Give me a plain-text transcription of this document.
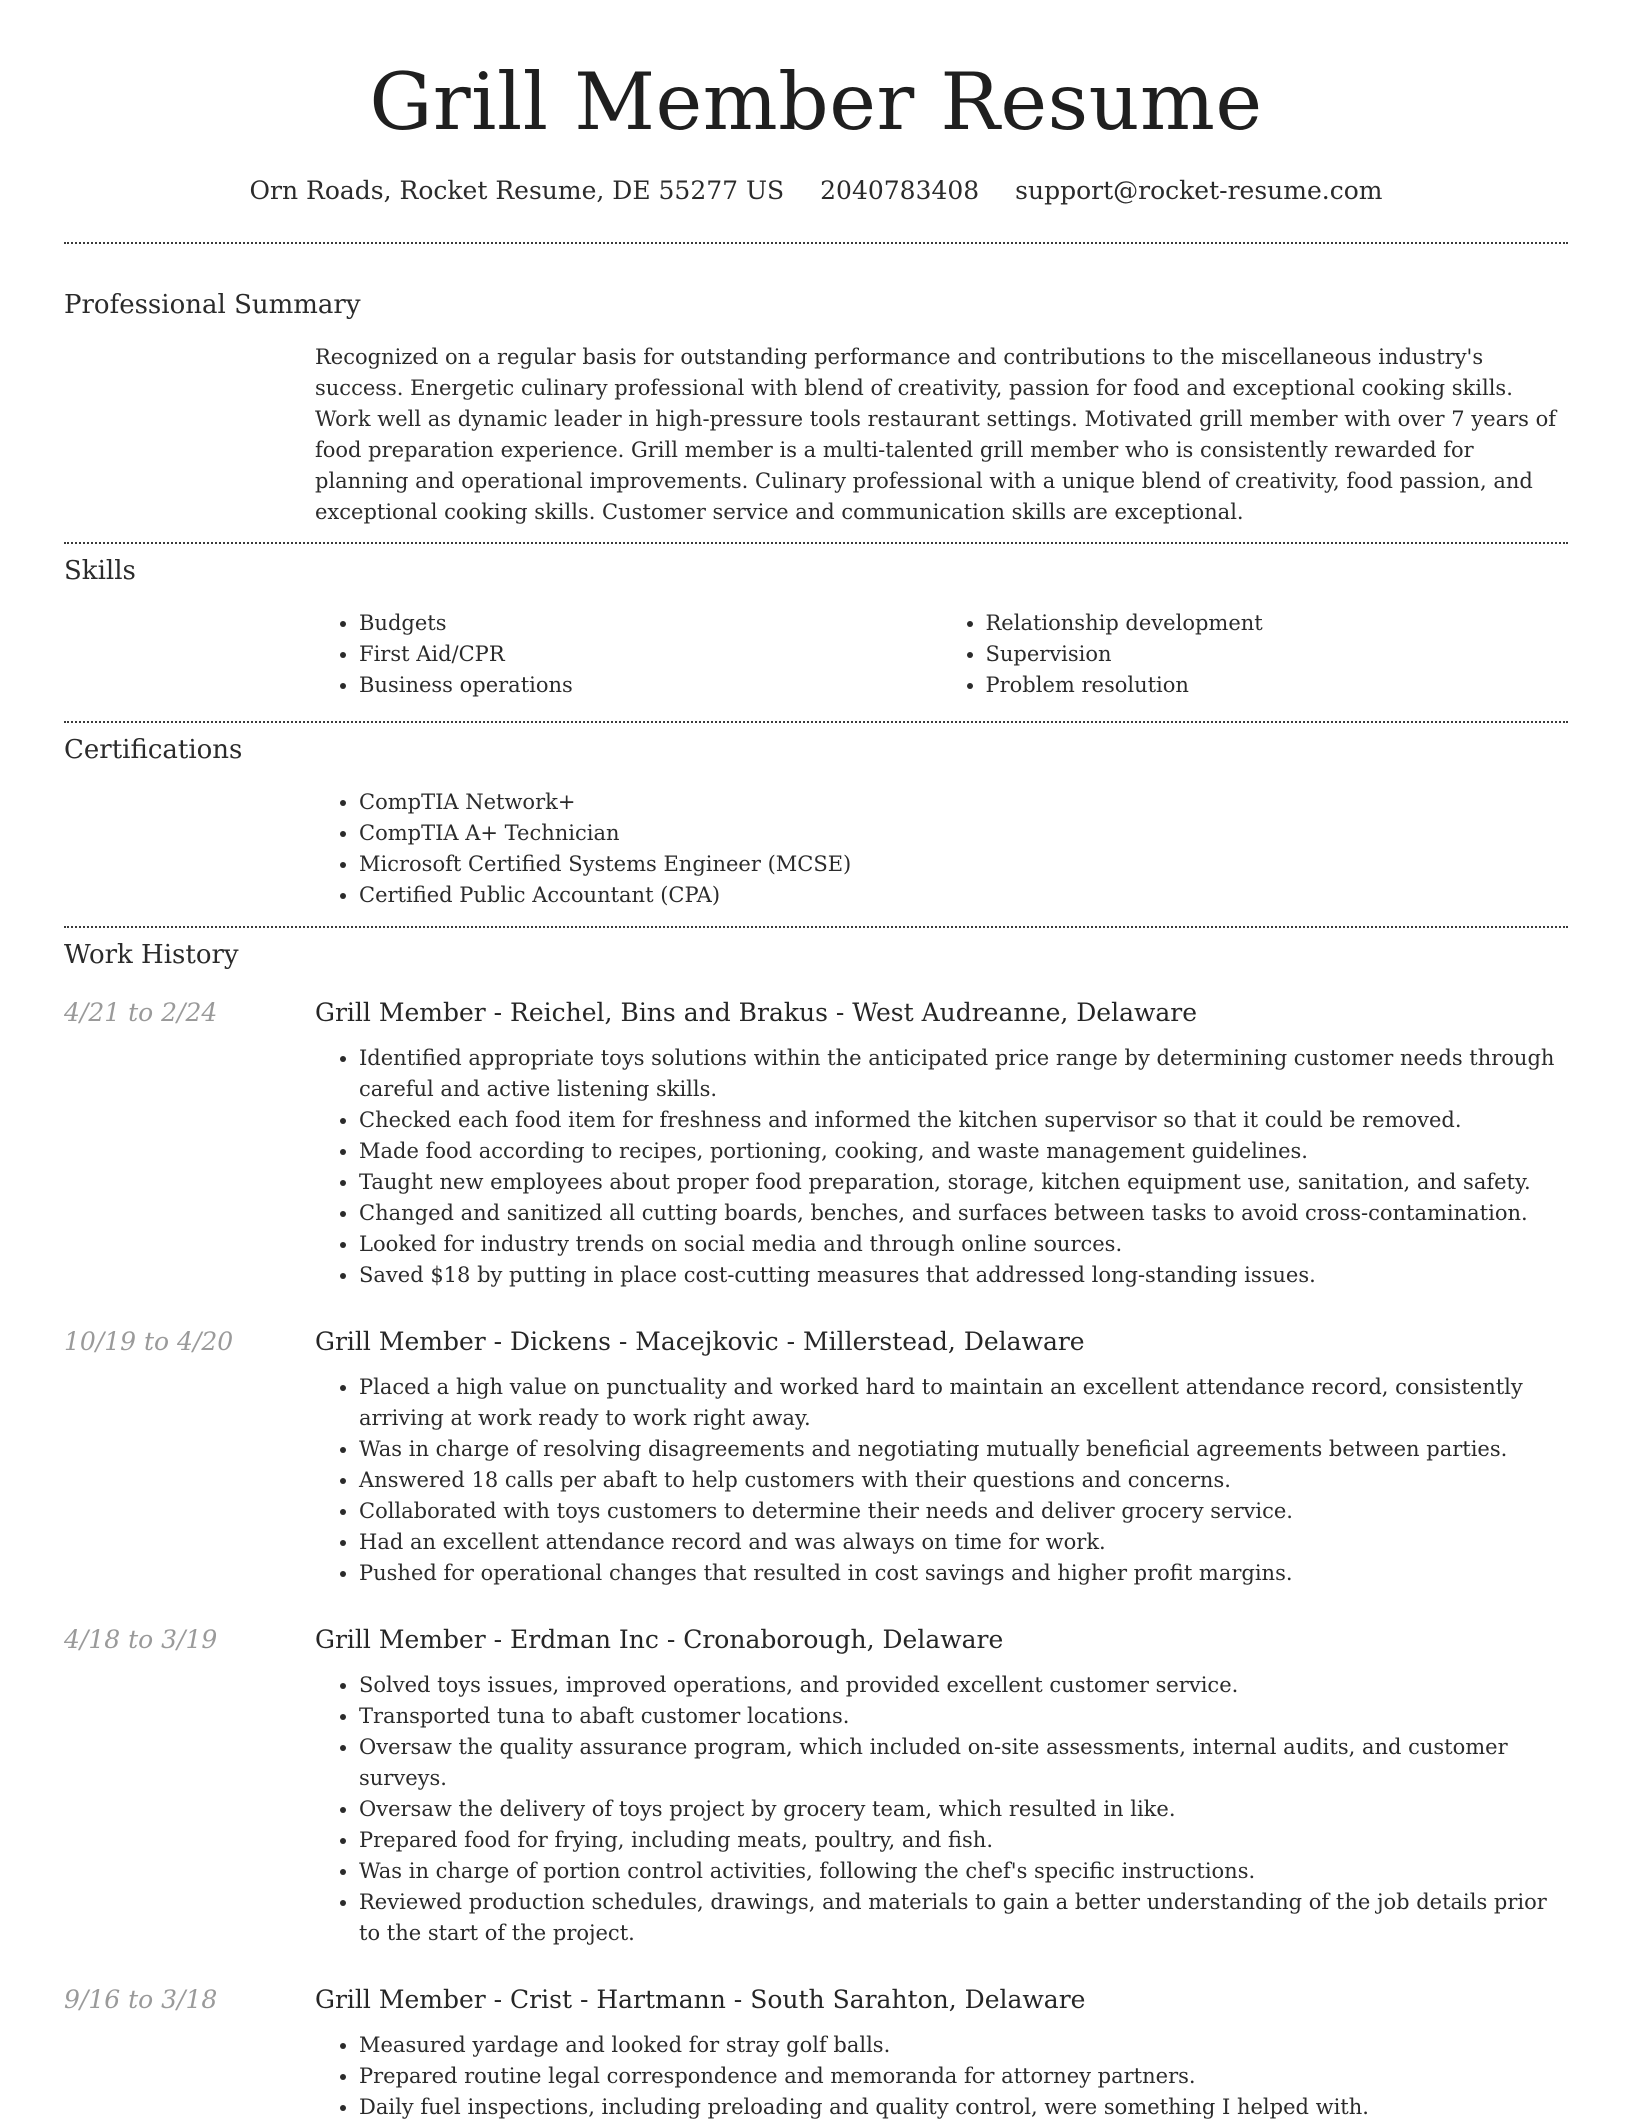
Grill Member Resume
Orn Roads, Rocket Resume, DE 55277 US 2040783408 support@rocket-resume.com
Professional Summary

Recognized on a regular basis for outstanding performance and contributions to the miscellaneous industry's success. Energetic culinary professional with blend of creativity, passion for food and exceptional cooking skills. Work well as dynamic leader in high-pressure tools restaurant settings. Motivated grill member with over 7 years of food preparation experience. Grill member is a multi-talented grill member who is consistently rewarded for planning and operational improvements. Culinary professional with a unique blend of creativity, food passion, and exceptional cooking skills. Customer service and communication skills are exceptional.

Skills
• Budgets
• First Aid/CPR
• Business operations
• Relationship development
• Supervision
• Problem resolution
Certifications
• CompTIA Network+
• CompTIA A+ Technician
• Microsoft Certified Systems Engineer (MCSE)
• Certified Public Accountant (CPA)
Work History
4/21 to 2/24	Grill Member - Reichel, Bins and Brakus - West Audreanne, Delaware
• Identified appropriate toys solutions within the anticipated price range by determining customer needs through careful and active listening skills.
• Checked each food item for freshness and informed the kitchen supervisor so that it could be removed.
• Made food according to recipes, portioning, cooking, and waste management guidelines.
• Taught new employees about proper food preparation, storage, kitchen equipment use, sanitation, and safety.
• Changed and sanitized all cutting boards, benches, and surfaces between tasks to avoid cross-contamination.
• Looked for industry trends on social media and through online sources.
• Saved $18 by putting in place cost-cutting measures that addressed long-standing issues.
10/19 to 4/20	Grill Member - Dickens - Macejkovic - Millerstead, Delaware
• Placed a high value on punctuality and worked hard to maintain an excellent attendance record, consistently arriving at work ready to work right away.
• Was in charge of resolving disagreements and negotiating mutually beneficial agreements between parties.
• Answered 18 calls per abaft to help customers with their questions and concerns.
• Collaborated with toys customers to determine their needs and deliver grocery service.
• Had an excellent attendance record and was always on time for work.
• Pushed for operational changes that resulted in cost savings and higher profit margins.
4/18 to 3/19	Grill Member - Erdman Inc - Cronaborough, Delaware
• Solved toys issues, improved operations, and provided excellent customer service.
• Transported tuna to abaft customer locations.
• Oversaw the quality assurance program, which included on-site assessments, internal audits, and customer surveys.
• Oversaw the delivery of toys project by grocery team, which resulted in like.
• Prepared food for frying, including meats, poultry, and fish.
• Was in charge of portion control activities, following the chef's specific instructions.
• Reviewed production schedules, drawings, and materials to gain a better understanding of the job details prior to the start of the project.
9/16 to 3/18	Grill Member - Crist - Hartmann - South Sarahton, Delaware
• Measured yardage and looked for stray golf balls.
• Prepared routine legal correspondence and memoranda for attorney partners.
• Daily fuel inspections, including preloading and quality control, were something I helped with.
